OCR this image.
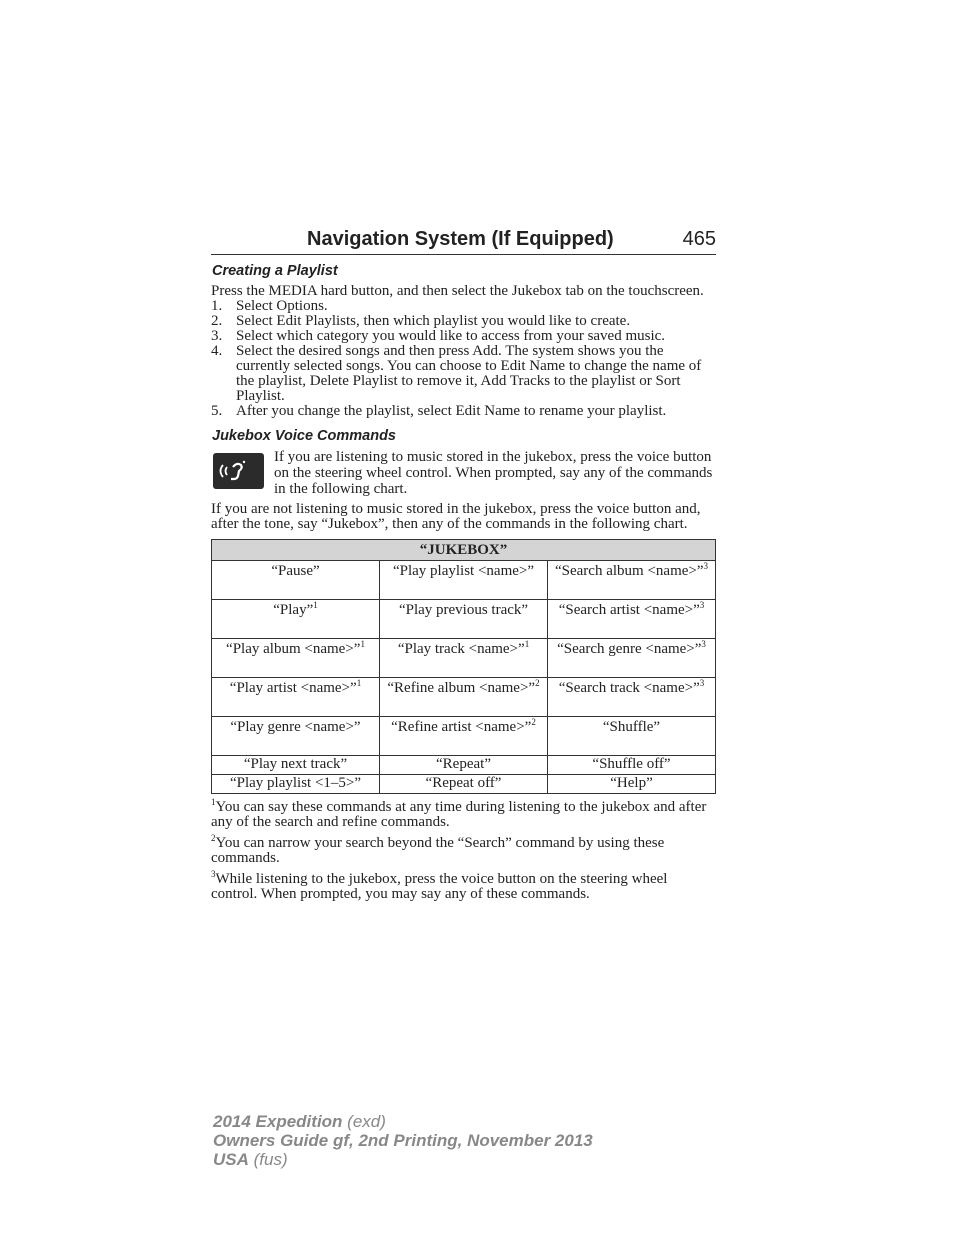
Navigation System (If Equipped)	465
Creating a Playlist

Press the MEDIA hard button, and then select the Jukebox tab on the touchscreen.

1. Select Options.
2. Select Edit Playlists, then which playlist you would like to create.
3. Select which category you would like to access from your saved music.
4. Select the desired songs and then press Add. The system shows you the currently selected songs. You can choose to Edit Name to change the name of the playlist, Delete Playlist to remove it, Add Tracks to the playlist or Sort Playlist.
5. After you change the playlist, select Edit Name to rename your playlist.
Jukebox Voice Commands

If you are listening to music stored in the jukebox, press the voice button on the steering wheel control. When prompted, say any of the commands in the following chart.

If you are not listening to music stored in the jukebox, press the voice button and, after the tone, say “Jukebox”, then any of the commands in the following chart.

“JUKEBOX”		
“Pause”	“Play playlist <name>”	“Search album <name>”$^3$
“Play”$^1$	“Play previous track”	“Search artist <name>”$^3$
“Play album <name>”$^1$	“Play track <name>”$^1$	“Search genre <name>”$^3$
“Play artist <name>”$^1$	“Refine album <name>”$^2$	“Search track <name>”$^3$
“Play genre <name>”	“Refine artist <name>”$^2$	“Shuffle”
“Play next track”	“Repeat”	“Shuffle off”
“Play playlist <1–5>”	“Repeat off”	“Help”

$^1$You can say these commands at any time during listening to the jukebox and after any of the search and refine commands.

$^2$You can narrow your search beyond the “Search” command by using these commands.

$^3$While listening to the jukebox, press the voice button on the steering wheel control. When prompted, you may say any of these commands.

2014 Expedition (exd)
Owners Guide gf, 2nd Printing, November 2013
USA (fus)
